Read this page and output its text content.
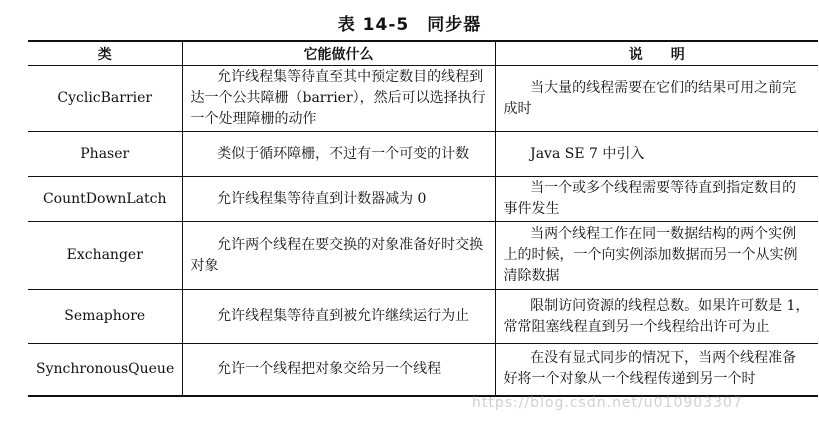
表 14-5　同步器
类	它能做什么	说　　明
CyclicBarrier	允许线程集等待直至其中预定数目的线程到达一个公共障栅（barrier），然后可以选择执行一个处理障栅的动作	当大量的线程需要在它们的结果可用之前完成时
Phaser	类似于循环障栅，不过有一个可变的计数	Java SE 7 中引入
CountDownLatch	允许线程集等待直到计数器减为 0	当一个或多个线程需要等待直到指定数目的事件发生
Exchanger	允许两个线程在要交换的对象准备好时交换对象	当两个线程工作在同一数据结构的两个实例上的时候，一个向实例添加数据而另一个从实例清除数据
Semaphore	允许线程集等待直到被允许继续运行为止	限制访问资源的线程总数。如果许可数是 1，常常阻塞线程直到另一个线程给出许可为止
SynchronousQueue	允许一个线程把对象交给另一个线程	在没有显式同步的情况下，当两个线程准备好将一个对象从一个线程传递到另一个时
https://blog.csdn.net/u010903307
